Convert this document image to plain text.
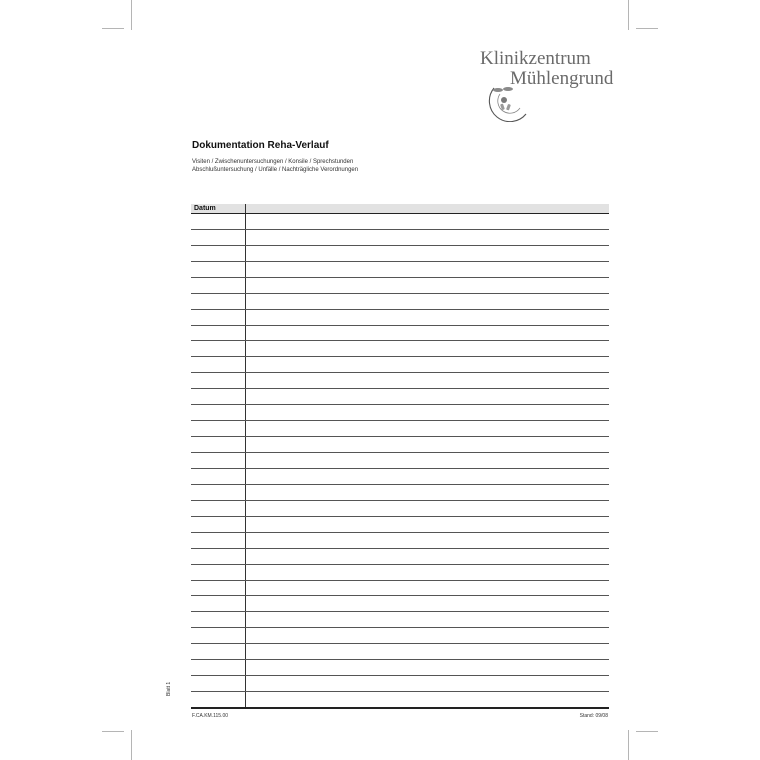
Klinikzentrum
Mühlengrund
Dokumentation Reha-Verlauf
Visiten / Zwischenuntersuchungen / Konsile / Sprechstunden
Abschlußuntersuchung / Unfälle / Nachträgliche Verordnungen
Datum
Blatt 1
F.CA.KM.115.00	Stand: 09/08
